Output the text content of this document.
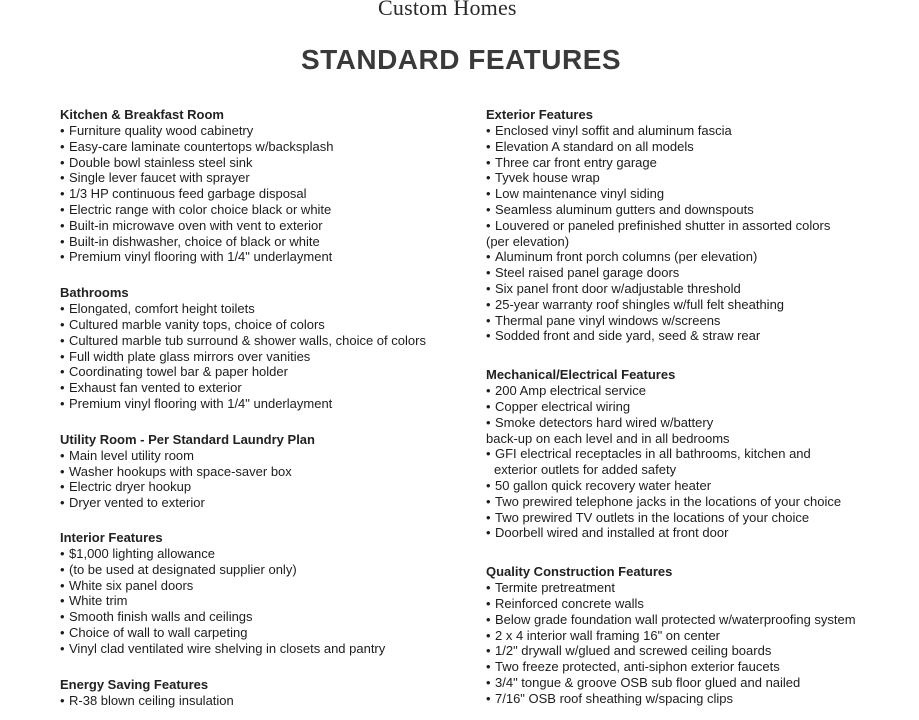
Custom Homes
STANDARD FEATURES
Kitchen & Breakfast Room
• Furniture quality wood cabinetry
• Easy-care laminate countertops w/backsplash
• Double bowl stainless steel sink
• Single lever faucet with sprayer
• 1/3 HP continuous feed garbage disposal
• Electric range with color choice black or white
• Built-in microwave oven with vent to exterior
• Built-in dishwasher, choice of black or white
• Premium vinyl flooring with 1/4" underlayment
Bathrooms
• Elongated, comfort height toilets
• Cultured marble vanity tops, choice of colors
• Cultured marble tub surround & shower walls, choice of colors
• Full width plate glass mirrors over vanities
• Coordinating towel bar & paper holder
• Exhaust fan vented to exterior
• Premium vinyl flooring with 1/4" underlayment
Utility Room - Per Standard Laundry Plan
• Main level utility room
• Washer hookups with space-saver box
• Electric dryer hookup
• Dryer vented to exterior
Interior Features
• $1,000 lighting allowance
• (to be used at designated supplier only)
• White six panel doors
• White trim
• Smooth finish walls and ceilings
• Choice of wall to wall carpeting
• Vinyl clad ventilated wire shelving in closets and pantry
Energy Saving Features
• R-38 blown ceiling insulation
Exterior Features
• Enclosed vinyl soffit and aluminum fascia
• Elevation A standard on all models
• Three car front entry garage
• Tyvek house wrap
• Low maintenance vinyl siding
• Seamless aluminum gutters and downspouts
• Louvered or paneled prefinished shutter in assorted colors
(per elevation)
• Aluminum front porch columns (per elevation)
• Steel raised panel garage doors
• Six panel front door w/adjustable threshold
• 25-year warranty roof shingles w/full felt sheathing
• Thermal pane vinyl windows w/screens
• Sodded front and side yard, seed & straw rear
Mechanical/Electrical Features
• 200 Amp electrical service
• Copper electrical wiring
• Smoke detectors hard wired w/battery
back-up on each level and in all bedrooms
• GFI electrical receptacles in all bathrooms, kitchen and
exterior outlets for added safety
• 50 gallon quick recovery water heater
• Two prewired telephone jacks in the locations of your choice
• Two prewired TV outlets in the locations of your choice
• Doorbell wired and installed at front door
Quality Construction Features
• Termite pretreatment
• Reinforced concrete walls
• Below grade foundation wall protected w/waterproofing system
• 2 x 4 interior wall framing 16" on center
• 1/2" drywall w/glued and screwed ceiling boards
• Two freeze protected, anti-siphon exterior faucets
• 3/4" tongue & groove OSB sub floor glued and nailed
• 7/16" OSB roof sheathing w/spacing clips
